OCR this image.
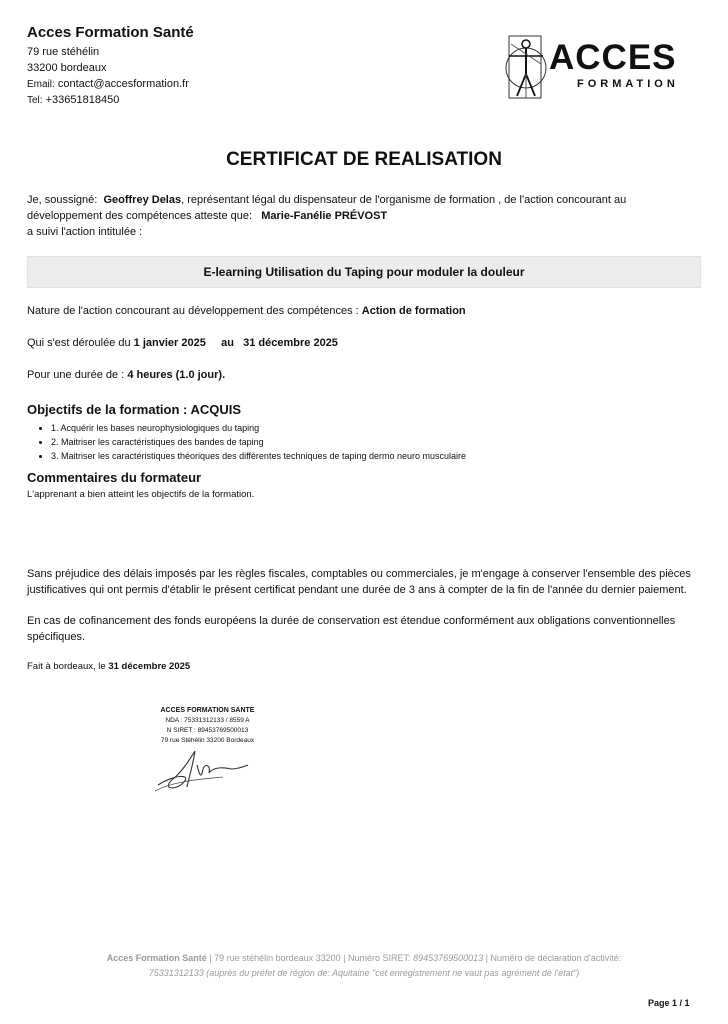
Acces Formation Santé
79 rue stéhélin
33200 bordeaux
Email: contact@accesformation.fr
Tel: +33651818450
ACCES
FORMATION
CERTIFICAT DE REALISATION
Je, soussigné: Geoffrey Delas, représentant légal du dispensateur de l'organisme de formation , de l'action concourant au développement des compétences atteste que: Marie-Fanélie PRÉVOST
a suivi l'action intitulée :
E-learning Utilisation du Taping pour moduler la douleur
Nature de l'action concourant au développement des compétences : Action de formation
Qui s'est déroulée du 1 janvier 2025 au 31 décembre 2025
Pour une durée de : 4 heures (1.0 jour).
Objectifs de la formation : ACQUIS
• 1. Acquérir les bases neurophysiologiques du taping
• 2. Maitriser les caractéristiques des bandes de taping
• 3. Maitriser les caractéristiques théoriques des différentes techniques de taping dermo neuro musculaire
Commentaires du formateur
L'apprenant a bien atteint les objectifs de la formation.
Sans préjudice des délais imposés par les règles fiscales, comptables ou commerciales, je m'engage à conserver l'ensemble des pièces justificatives qui ont permis d'établir le présent certificat pendant une durée de 3 ans à compter de la fin de l'année du dernier paiement.
En cas de cofinancement des fonds européens la durée de conservation est étendue conformément aux obligations conventionnelles spécifiques.
Fait à bordeaux, le 31 décembre 2025
ACCES FORMATION SANTE
NDA : 75331312133 / 8559 A
N SIRET : 89453769500013
79 rue Stéhélin 33200 Bordeaux
Acces Formation Santé | 79 rue stéhélin bordeaux 33200 | Numéro SIRET: 89453769500013 | Numéro de déclaration d'activité:
75331312133 (auprès du préfet de région de: Aquitaine "cet enregistrement ne vaut pas agrément de l'état")
Page 1 / 1
